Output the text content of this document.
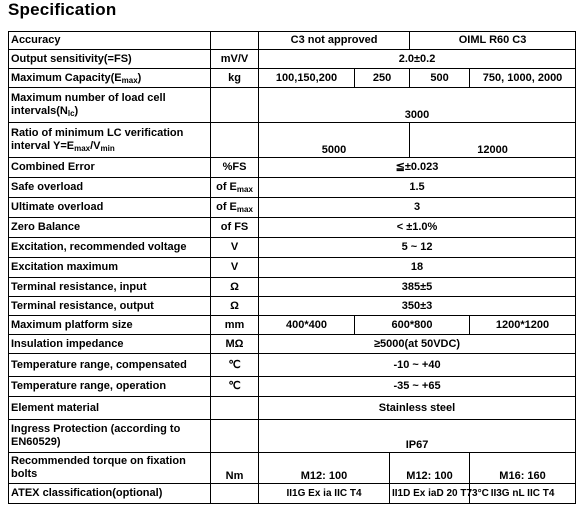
Specification
Accuracy		C3 not approved			OIML R60 C3	
Output sensitivity(=FS)	mV/V	2.0±0.2				
Maximum $Capacity(E_{max})$	kg	100,150,200	250		500	750, 1000, 2000
Maximum number of load cell $intervals(N_{lc})$		3000				
Ratio of minimum LC verification interval $Y=E_{max}/V_{min}$		5000			12000	
Combined Error	%FS	≦±0.023				
Safe overload	of $E_{max}$	1.5				
Ultimate overload	of $E_{max}$	3				
Zero Balance	of FS	< ±1.0%				
Excitation, recommended voltage	V	5 ~ 12				
Excitation maximum	V	18				
Terminal resistance, input	Ω	385±5				
Terminal resistance, output	Ω	350±3				
Maximum platform size	mm	400*400	600*800			1200*1200
Insulation impedance	MΩ	≥5000(at 50VDC)				
Temperature range, compensated	℃	-10 ~ +40				
Temperature range, operation	℃	-35 ~ +65				
Element material		Stainless steel				
Ingress Protection (according to EN60529)		IP67				
Recommended torque on fixation bolts	Nm	M12: 100		M12: 100		M16: 160
ATEX classification(optional)		II1G Ex ia IIC T4		II1D Ex iaD 20 T73°C		II3G nL IIC T4
